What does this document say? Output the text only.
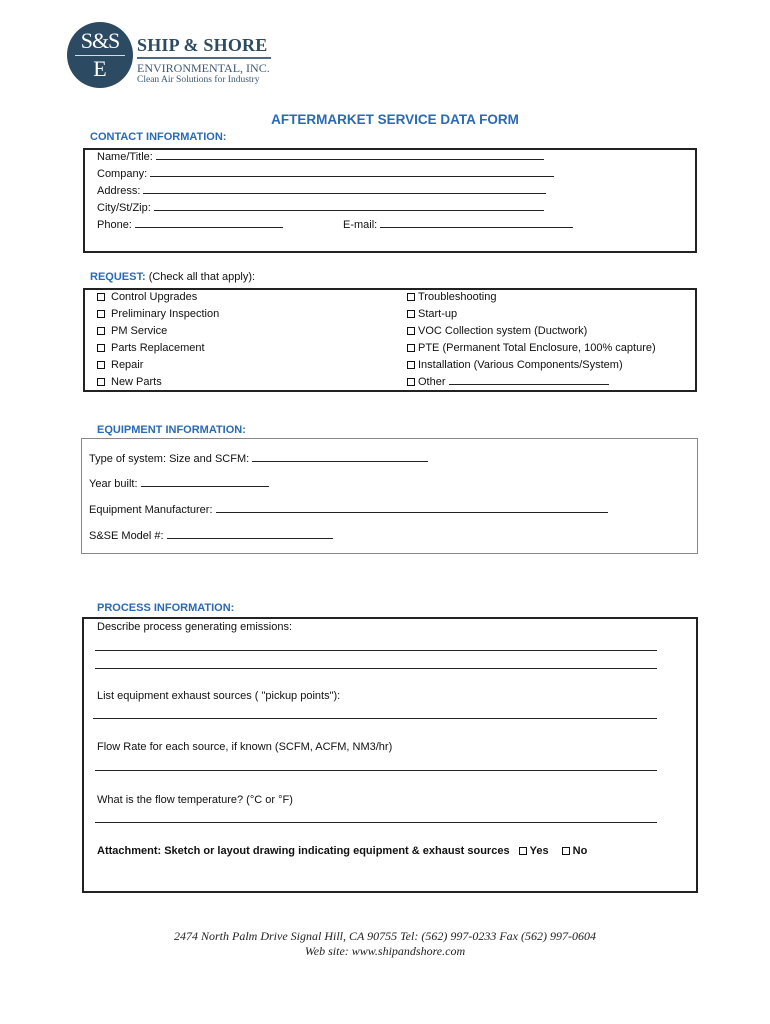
S&S
E
SHIP & SHORE
ENVIRONMENTAL, INC.
Clean Air Solutions for Industry
AFTERMARKET SERVICE DATA FORM
CONTACT INFORMATION:
Name/Title:
Company:
Address:
City/St/Zip:
Phone:	E-mail:
REQUEST: (Check all that apply):
Control Upgrades
Preliminary Inspection
PM Service
Parts Replacement
Repair
New Parts
Troubleshooting
Start-up
VOC Collection system (Ductwork)
PTE (Permanent Total Enclosure, 100% capture)
Installation (Various Components/System)
Other
EQUIPMENT INFORMATION:
Type of system: Size and SCFM:
Year built:
Equipment Manufacturer:
S&SE Model #:
PROCESS INFORMATION:
Describe process generating emissions:
List equipment exhaust sources ( "pickup points"):
Flow Rate for each source, if known (SCFM, ACFM, NM3/hr)
What is the flow temperature? (°C or °F)
Attachment: Sketch or layout drawing indicating equipment & exhaust sources Yes No
2474 North Palm Drive Signal Hill, CA 90755 Tel: (562) 997-0233 Fax (562) 997-0604
Web site: www.shipandshore.com
